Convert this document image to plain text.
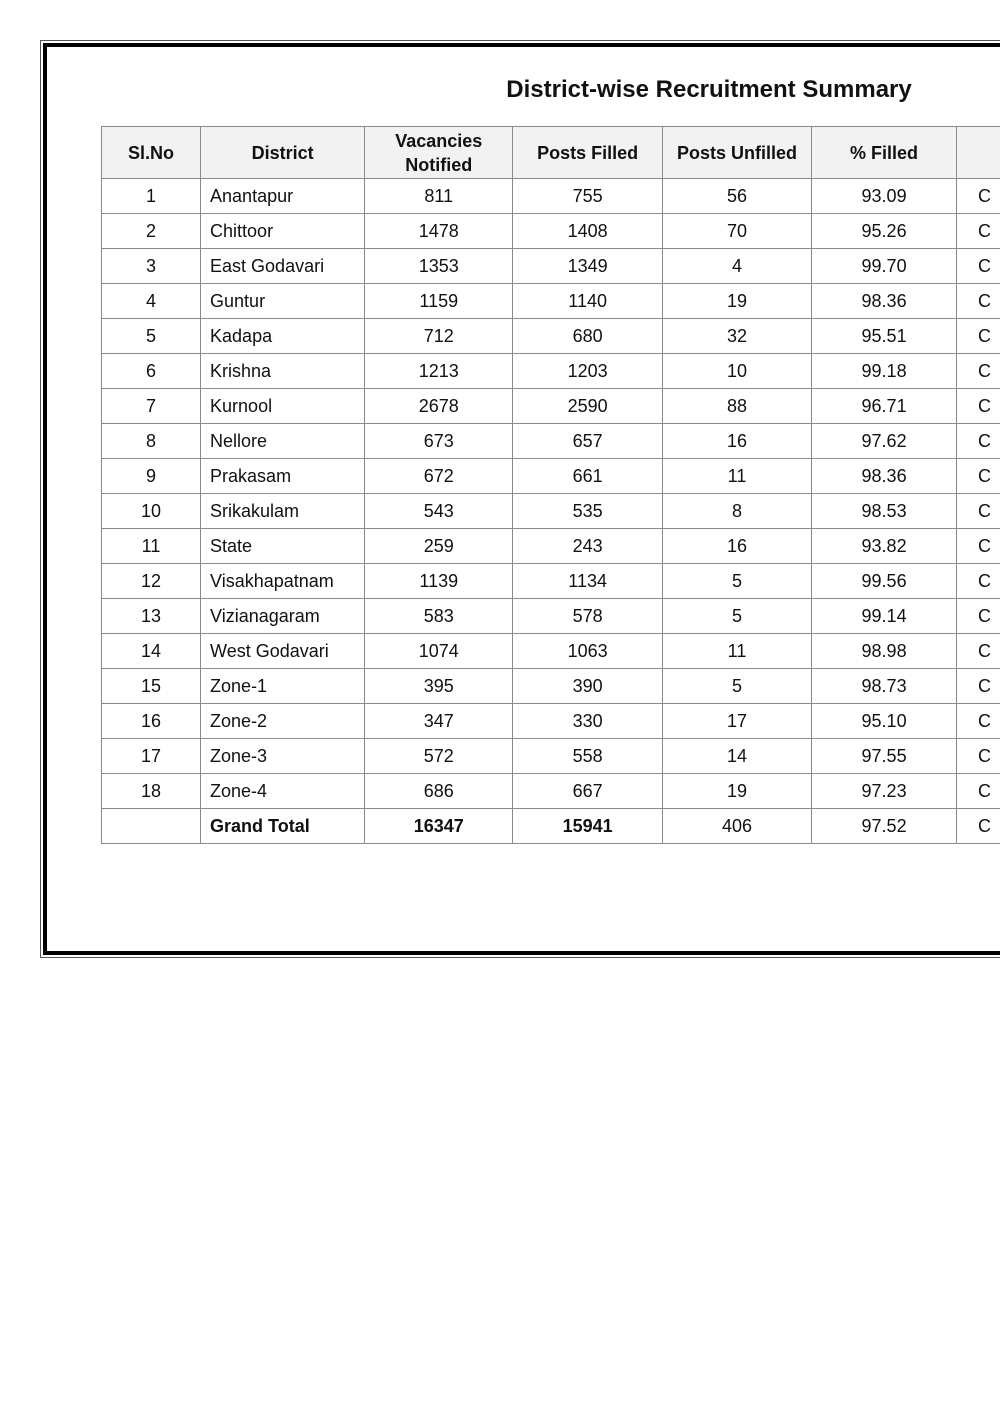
District-wise Recruitment Summary
Sl.No	District	Vacancies Notified	Posts Filled	Posts Unfilled	% Filled	
1	Anantapur	811	755	56	93.09	C
2	Chittoor	1478	1408	70	95.26	C
3	East Godavari	1353	1349	4	99.70	C
4	Guntur	1159	1140	19	98.36	C
5	Kadapa	712	680	32	95.51	C
6	Krishna	1213	1203	10	99.18	C
7	Kurnool	2678	2590	88	96.71	C
8	Nellore	673	657	16	97.62	C
9	Prakasam	672	661	11	98.36	C
10	Srikakulam	543	535	8	98.53	C
11	State	259	243	16	93.82	C
12	Visakhapatnam	1139	1134	5	99.56	C
13	Vizianagaram	583	578	5	99.14	C
14	West Godavari	1074	1063	11	98.98	C
15	Zone-1	395	390	5	98.73	C
16	Zone-2	347	330	17	95.10	C
17	Zone-3	572	558	14	97.55	C
18	Zone-4	686	667	19	97.23	C
	Grand Total	16347	15941	406	97.52	C
